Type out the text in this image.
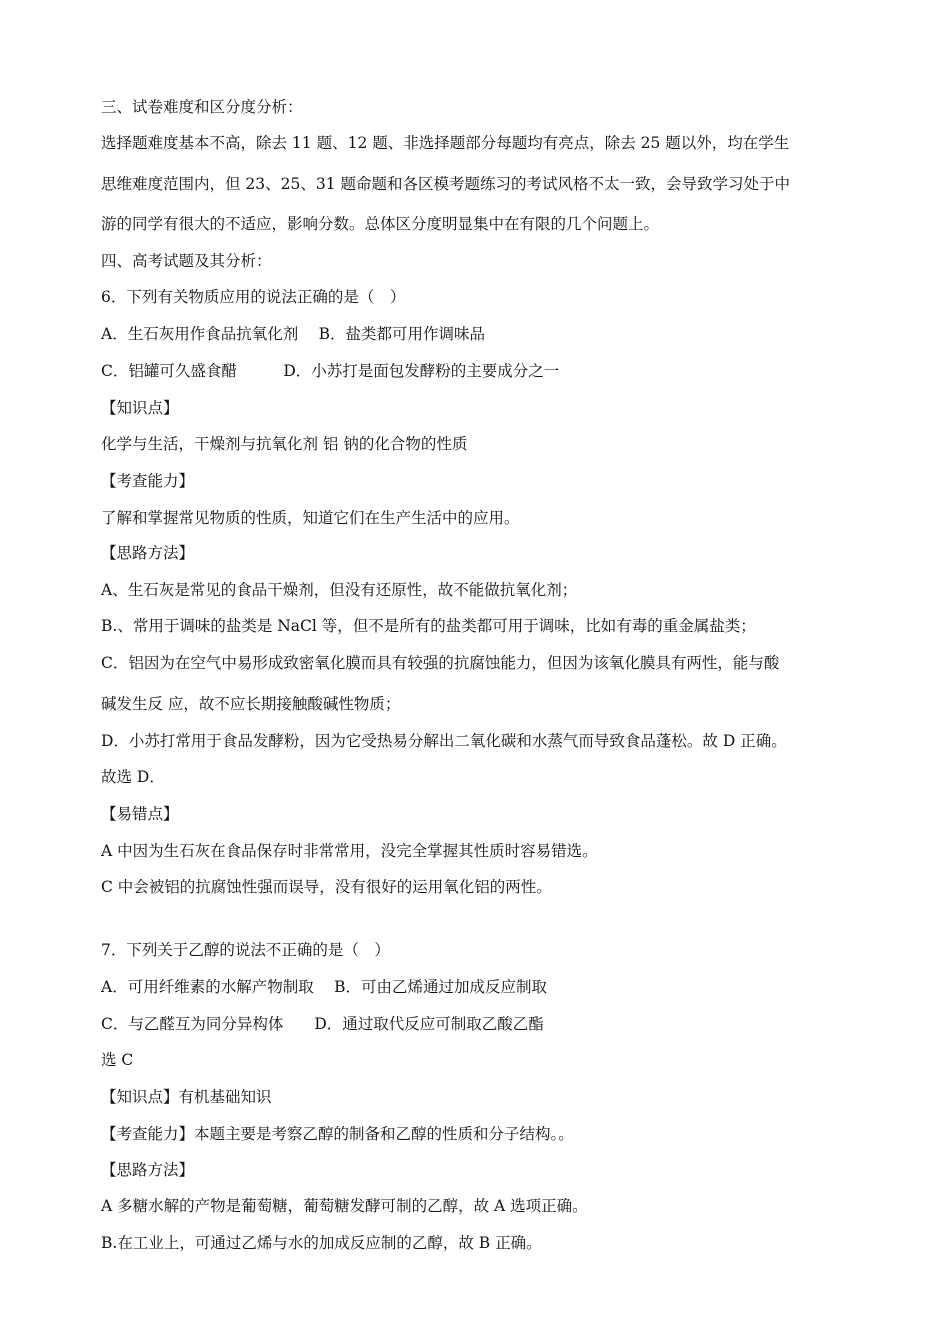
三、试卷难度和区分度分析：
选择题难度基本不高，除去 11 题、12 题、非选择题部分每题均有亮点，除去 25 题以外，均在学生
思维难度范围内，但 23、25、31 题命题和各区模考题练习的考试风格不太一致，会导致学习处于中
游的同学有很大的不适应，影响分数。总体区分度明显集中在有限的几个问题上。
四、高考试题及其分析：
6．下列有关物质应用的说法正确的是（　）
A．生石灰用作食品抗氧化剂　 B．盐类都可用作调味品
C．铝罐可久盛食醋　　　D．小苏打是面包发酵粉的主要成分之一
【知识点】
化学与生活，干燥剂与抗氧化剂 铝 钠的化合物的性质
【考查能力】
了解和掌握常见物质的性质，知道它们在生产生活中的应用。
【思路方法】
A、生石灰是常见的食品干燥剂，但没有还原性，故不能做抗氧化剂；
B.、常用于调味的盐类是 NaCl 等，但不是所有的盐类都可用于调味，比如有毒的重金属盐类；
C．铝因为在空气中易形成致密氧化膜而具有较强的抗腐蚀能力，但因为该氧化膜具有两性，能与酸
碱发生反 应，故不应长期接触酸碱性物质；
D．小苏打常用于食品发酵粉，因为它受热易分解出二氧化碳和水蒸气而导致食品蓬松。故 D 正确。
故选 D．
【易错点】
A 中因为生石灰在食品保存时非常常用，没完全掌握其性质时容易错选。
C 中会被铝的抗腐蚀性强而误导，没有很好的运用氧化铝的两性。
7．下列关于乙醇的说法不正确的是（　）
A．可用纤维素的水解产物制取　 B．可由乙烯通过加成反应制取
C．与乙醛互为同分异构体　　D．通过取代反应可制取乙酸乙酯
选 C
【知识点】有机基础知识
【考查能力】本题主要是考察乙醇的制备和乙醇的性质和分子结构。。
【思路方法】
A 多糖水解的产物是葡萄糖，葡萄糖发酵可制的乙醇，故 A 选项正确。
B.在工业上，可通过乙烯与水的加成反应制的乙醇，故 B 正确。
